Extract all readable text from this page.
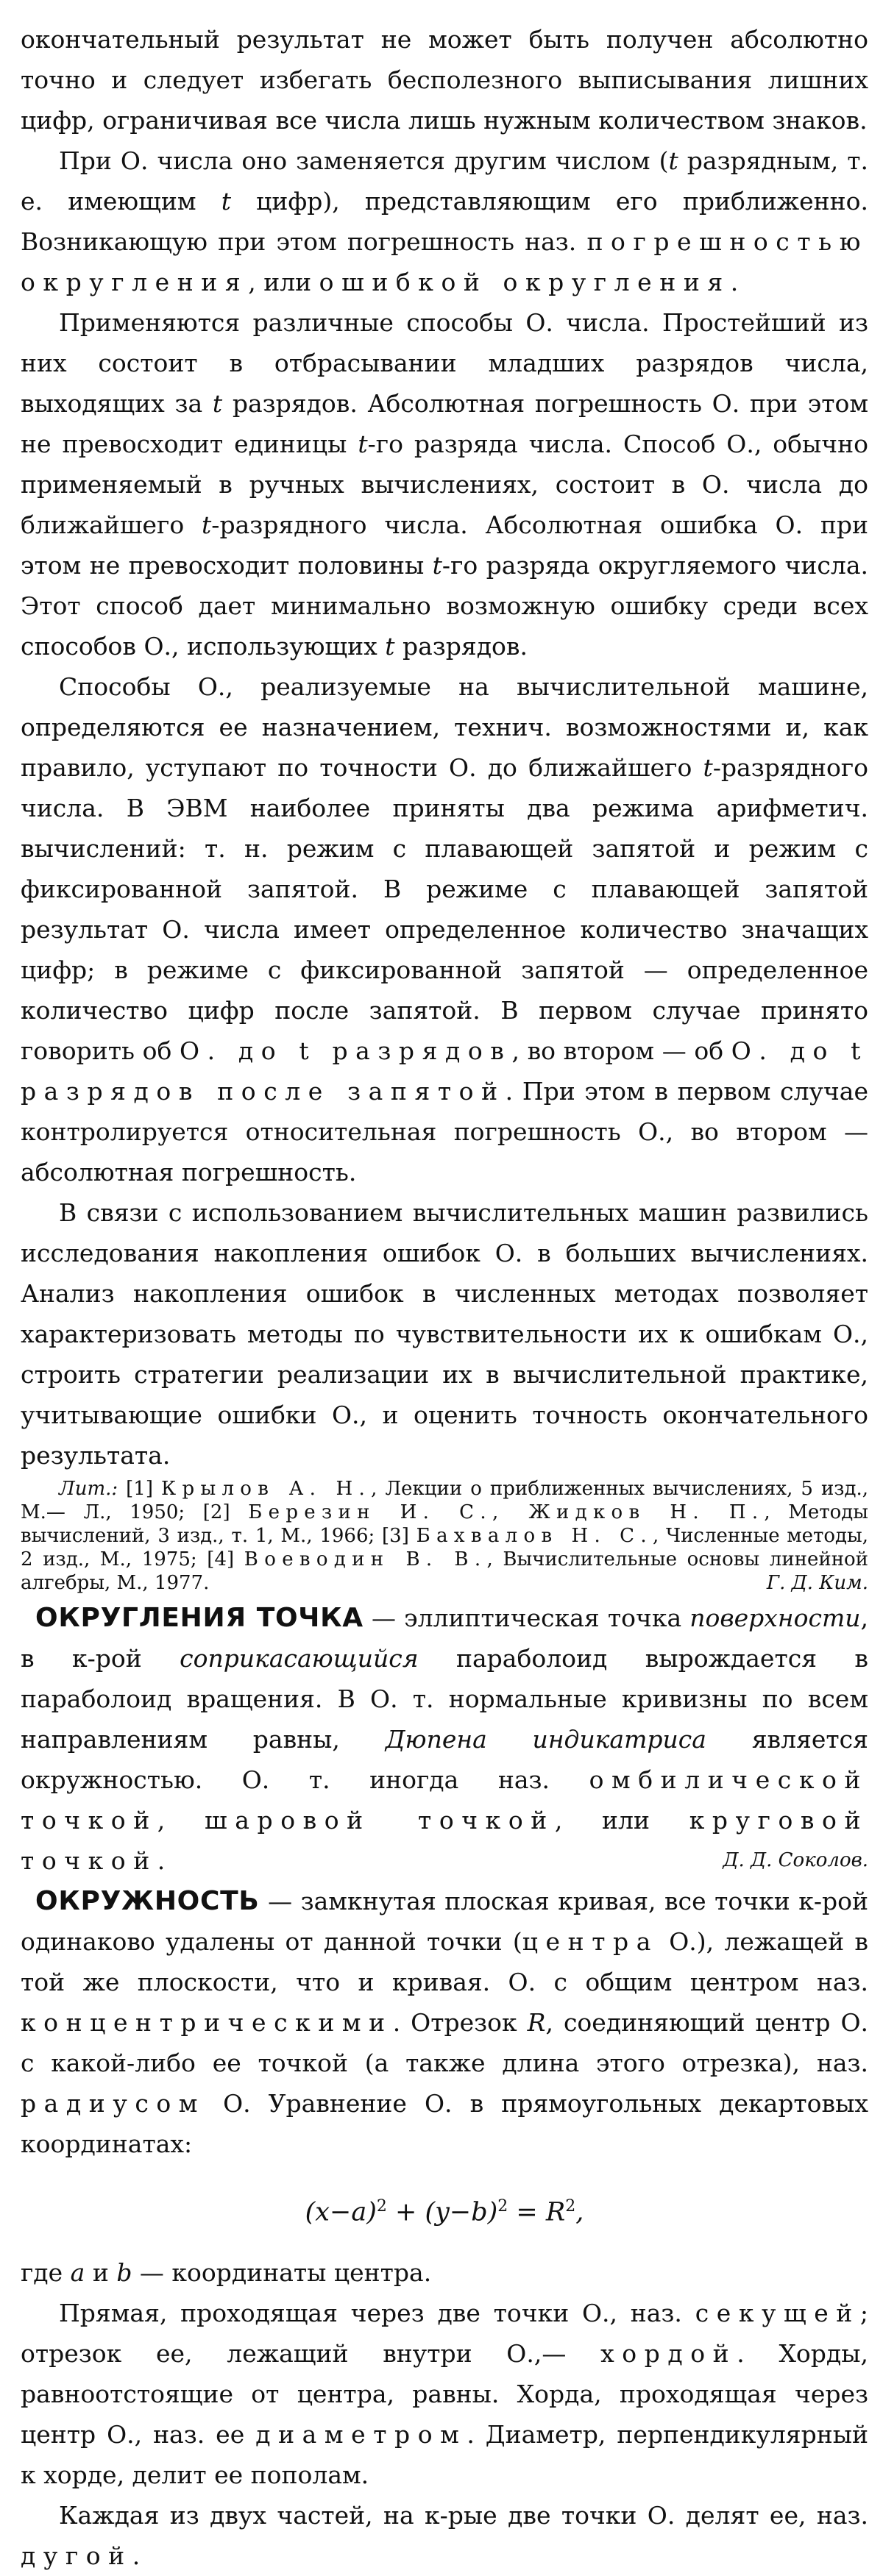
окончательный результат не может быть получен абсолютно точно и следует избегать бесполезного выписывания лишних цифр, ограничивая все числа лишь нужным количеством знаков.

При О. числа оно заменяется другим числом (t разрядным, т. е. имеющим t цифр), представляющим его приближенно. Возникающую при этом погрешность наз. погрешностью округления, или ошибкой округления.

Применяются различные способы О. числа. Простейший из них состоит в отбрасывании младших разрядов числа, выходящих за t разрядов. Абсолютная погрешность О. при этом не превосходит единицы t-го разряда числа. Способ О., обычно применяемый в ручных вычислениях, состоит в О. числа до ближайшего t-разрядного числа. Абсолютная ошибка О. при этом не превосходит половины t-го разряда округляемого числа. Этот способ дает минимально возможную ошибку среди всех способов О., использующих t разрядов.

Способы О., реализуемые на вычислительной машине, определяются ее назначением, технич. возможностями и, как правило, уступают по точности О. до ближайшего t-разрядного числа. В ЭВМ наиболее приняты два режима арифметич. вычислений: т. н. режим с плавающей запятой и режим с фиксированной запятой. В режиме с плавающей запятой результат О. числа имеет определенное количество значащих цифр; в режиме с фиксированной запятой — определенное количество цифр после запятой. В первом случае принято говорить об О. до t разрядов, во втором — об О. до t разрядов после запятой. При этом в первом случае контролируется относительная погрешность О., во втором — абсолютная погрешность.

В связи с использованием вычислительных машин развились исследования накопления ошибок О. в больших вычислениях. Анализ накопления ошибок в численных методах позволяет характеризовать методы по чувствительности их к ошибкам О., строить стратегии реализации их в вычислительной практике, учитывающие ошибки О., и оценить точность окончательного результата.

Лит.: [1] Крылов А. Н., Лекции о приближенных вычислениях, 5 изд., М.— Л., 1950; [2] Березин И. С., Жидков Н. П., Методы вычислений, 3 изд., т. 1, М., 1966; [3] Бахвалов Н. С., Численные методы, 2 изд., М., 1975; [4] Воеводин В. В., Вычислительные основы линейной алгебры, М., 1977.	Г. Д. Ким.

ОКРУГЛЕНИЯ ТОЧКА — эллиптическая точка поверхности, в к-рой соприкасающийся параболоид вырождается в параболоид вращения. В О. т. нормальные кривизны по всем направлениям равны, Дюпена индикатриса является окружностью. О. т. иногда наз. омбилической точкой, шаровой точкой, или круговой точкой.	Д. Д. Соколов.

ОКРУЖНОСТЬ — замкнутая плоская кривая, все точки к-рой одинаково удалены от данной точки (центра О.), лежащей в той же плоскости, что и кривая. О. с общим центром наз. концентрическими. Отрезок R, соединяющий центр О. с какой-либо ее точкой (а также длина этого отрезка), наз. радиусом О. Уравнение О. в прямоугольных декартовых координатах:

$(x-a)^2 + (y-b)^2 = R^2$,

где a и b — координаты центра.

Прямая, проходящая через две точки О., наз. секущей; отрезок ее, лежащий внутри О.,— хордой. Хорды, равноотстоящие от центра, равны. Хорда, проходящая через центр О., наз. ее диаметром. Диаметр, перпендикулярный к хорде, делит ее пополам.

Каждая из двух частей, на к-рые две точки О. делят ее, наз. дугой.
